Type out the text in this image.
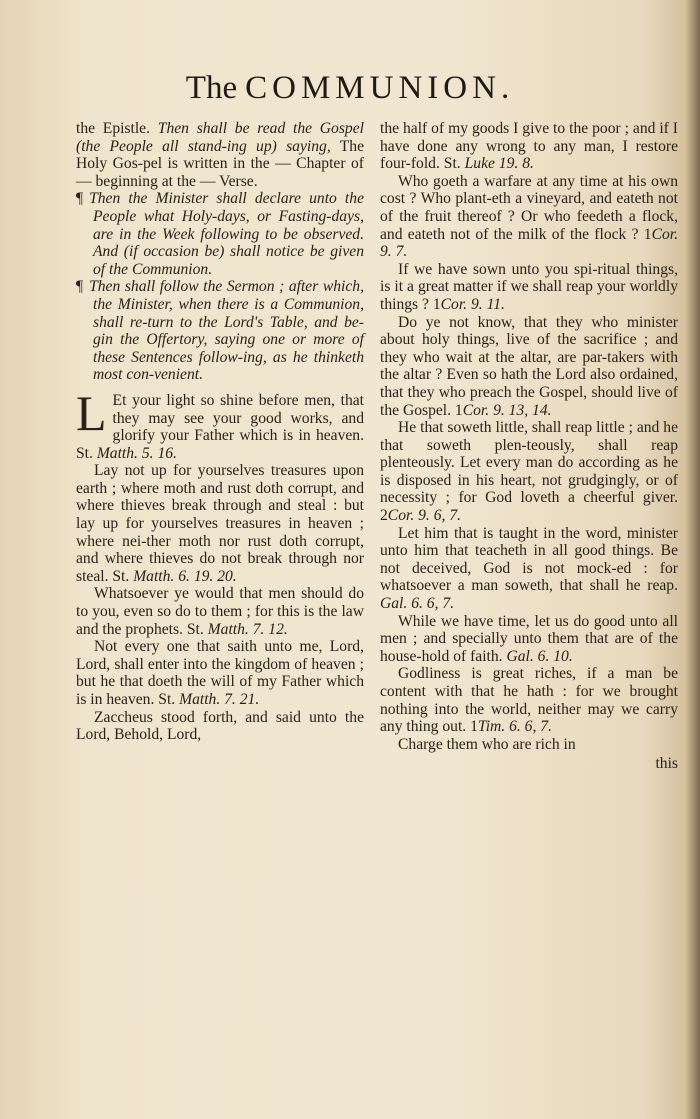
The COMMUNION.

the Epistle. Then shall be read the Gospel (the People all stand-ing up) saying, The Holy Gos-pel is written in the — Chapter of — beginning at the — Verse.

¶ Then the Minister shall declare unto the People what Holy-days, or Fasting-days, are in the Week following to be observed. And (if occasion be) shall notice be given of the Communion.

¶ Then shall follow the Sermon ; after which, the Minister, when there is a Communion, shall re-turn to the Lord's Table, and be-gin the Offertory, saying one or more of these Sentences follow-ing, as he thinketh most con-venient.

L Et your light so shine before men, that they may see your good works, and glorify your Father which is in heaven. St. Matth. 5. 16.

Lay not up for yourselves treasures upon earth ; where moth and rust doth corrupt, and where thieves break through and steal : but lay up for yourselves treasures in heaven ; where nei-ther moth nor rust doth corrupt, and where thieves do not break through nor steal. St. Matth. 6. 19. 20.

Whatsoever ye would that men should do to you, even so do to them ; for this is the law and the prophets. St. Matth. 7. 12.

Not every one that saith unto me, Lord, Lord, shall enter into the kingdom of heaven ; but he that doeth the will of my Father which is in heaven. St. Matth. 7. 21.

Zaccheus stood forth, and said unto the Lord, Behold, Lord,

the half of my goods I give to the poor ; and if I have done any wrong to any man, I restore four-fold. St. Luke 19. 8.

Who goeth a warfare at any time at his own cost ? Who plant-eth a vineyard, and eateth not of the fruit thereof ? Or who feedeth a flock, and eateth not of the milk of the flock ? 1Cor. 9. 7.

If we have sown unto you spi-ritual things, is it a great matter if we shall reap your worldly things ? 1Cor. 9. 11.

Do ye not know, that they who minister about holy things, live of the sacrifice ; and they who wait at the altar, are par-takers with the altar ? Even so hath the Lord also ordained, that they who preach the Gospel, should live of the Gospel. 1Cor. 9. 13, 14.

He that soweth little, shall reap little ; and he that soweth plen-teously, shall reap plenteously. Let every man do according as he is disposed in his heart, not grudgingly, or of necessity ; for God loveth a cheerful giver. 2Cor. 9. 6, 7.

Let him that is taught in the word, minister unto him that teacheth in all good things. Be not deceived, God is not mock-ed : for whatsoever a man soweth, that shall he reap. Gal. 6. 6, 7.

While we have time, let us do good unto all men ; and specially unto them that are of the house-hold of faith. Gal. 6. 10.

Godliness is great riches, if a man be content with that he hath : for we brought nothing into the world, neither may we carry any thing out. 1Tim. 6. 6, 7.

Charge them who are rich in

this
